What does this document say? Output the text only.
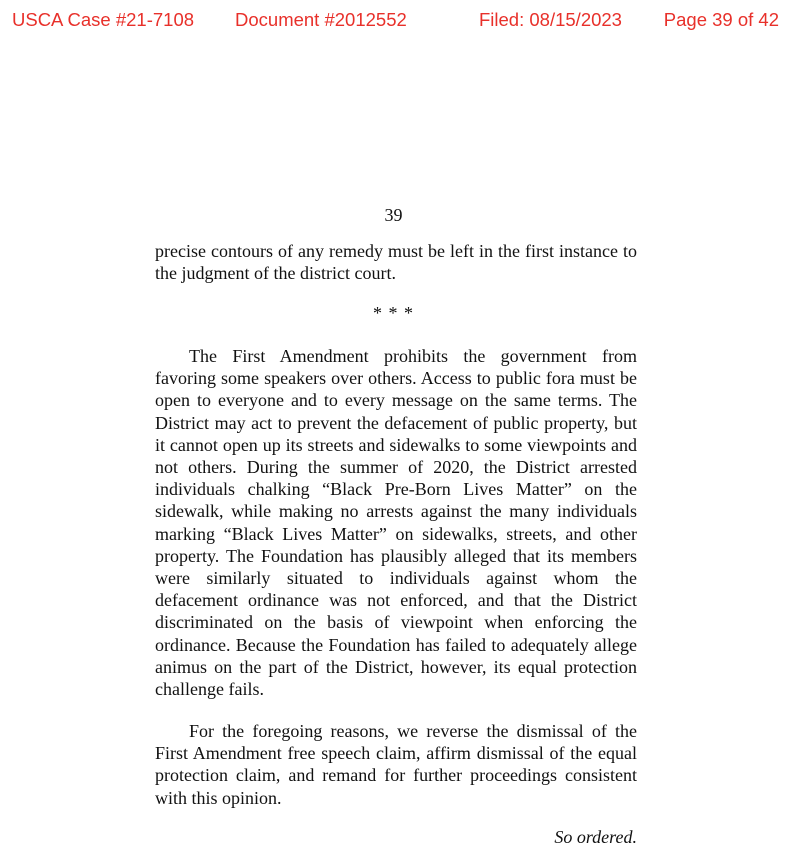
USCA Case #21-7108 Document #2012552	Filed: 08/15/2023 Page 39 of 42
39

precise contours of any remedy must be left in the first instance to the judgment of the district court.

* * *

The First Amendment prohibits the government from favoring some speakers over others. Access to public fora must be open to everyone and to every message on the same terms. The District may act to prevent the defacement of public property, but it cannot open up its streets and sidewalks to some viewpoints and not others. During the summer of 2020, the District arrested individuals chalking “Black Pre-Born Lives Matter” on the sidewalk, while making no arrests against the many individuals marking “Black Lives Matter” on sidewalks, streets, and other property. The Foundation has plausibly alleged that its members were similarly situated to individuals against whom the defacement ordinance was not enforced, and that the District discriminated on the basis of viewpoint when enforcing the ordinance. Because the Foundation has failed to adequately allege animus on the part of the District, however, its equal protection challenge fails.

For the foregoing reasons, we reverse the dismissal of the First Amendment free speech claim, affirm dismissal of the equal protection claim, and remand for further proceedings consistent with this opinion.

So ordered.
